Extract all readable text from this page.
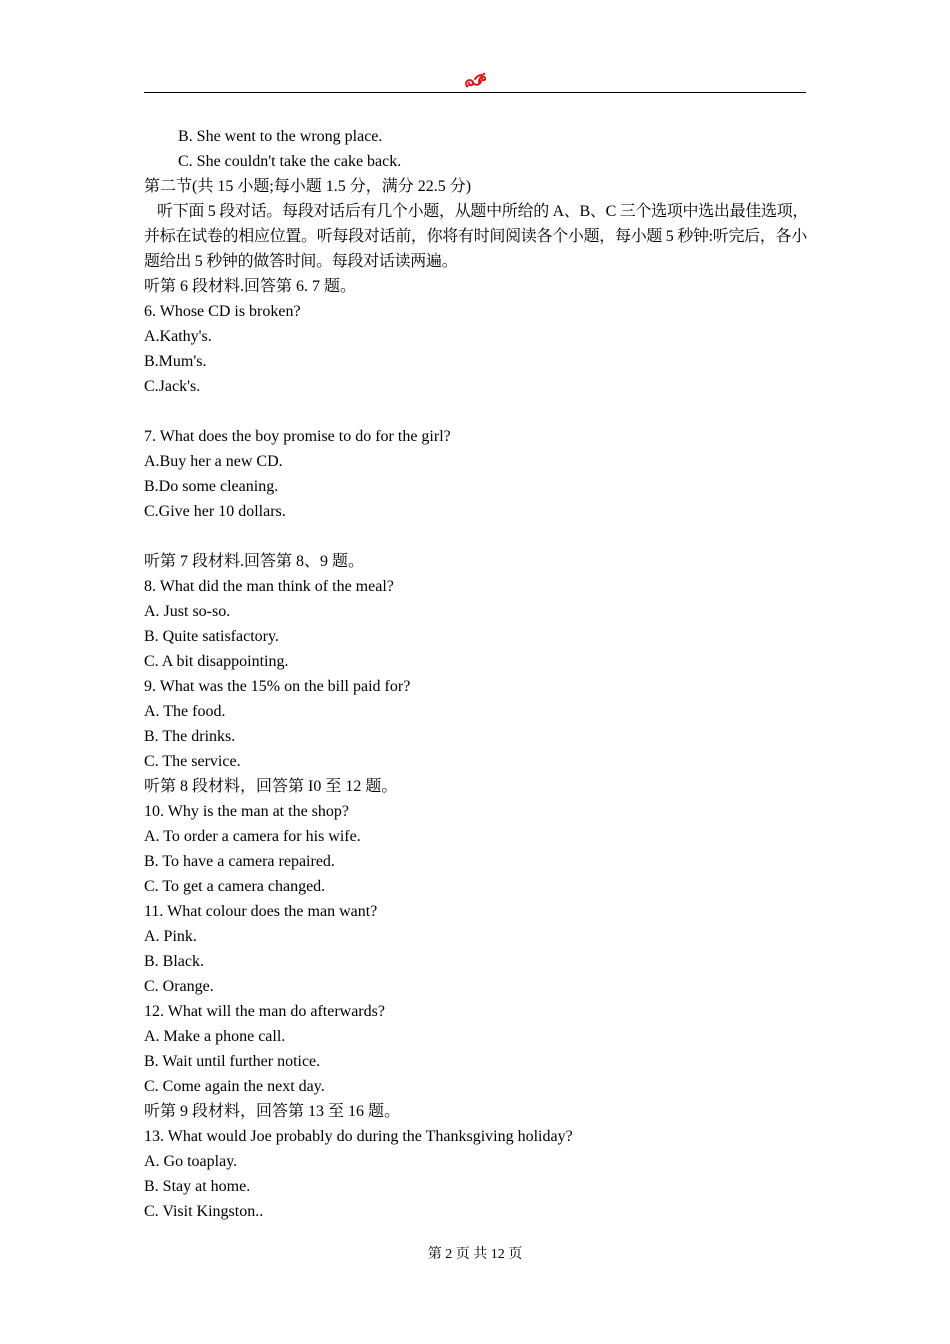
B. She went to the wrong place.

C. She couldn't take the cake back.

第二节(共 15 小题;每小题 1.5 分，满分 22.5 分)

听下面 5 段对话。每段对话后有几个小题，从题中所给的 A、B、C 三个选项中选出最佳选项，并标在试卷的相应位置。听每段对话前，你将有时间阅读各个小题，每小题 5 秒钟:听完后，各小题给出 5 秒钟的做答时间。每段对话读两遍。

听第 6 段材料.回答第 6. 7 题。

6. Whose CD is broken?

A.Kathy's.

B.Mum's.

C.Jack's.

7. What does the boy promise to do for the girl?

A.Buy her a new CD.

B.Do some cleaning.

C.Give her 10 dollars.

听第 7 段材料.回答第 8、9 题。

8. What did the man think of the meal?

A. Just so-so.

B. Quite satisfactory.

C. A bit disappointing.

9. What was the 15% on the bill paid for?

A. The food.

B. The drinks.

C. The service.

听第 8 段材料，回答第 I0 至 12 题。

10. Why is the man at the shop?

A. To order a camera for his wife.

B. To have a camera repaired.

C. To get a camera changed.

11. What colour does the man want?

A. Pink.

B. Black.

C. Orange.

12. What will the man do afterwards?

A. Make a phone call.

B. Wait until further notice.

C. Come again the next day.

听第 9 段材料，回答第 13 至 16 题。

13. What would Joe probably do during the Thanksgiving holiday?

A. Go toaplay.

B. Stay at home.

C. Visit Kingston..

第 2 页 共 12 页
